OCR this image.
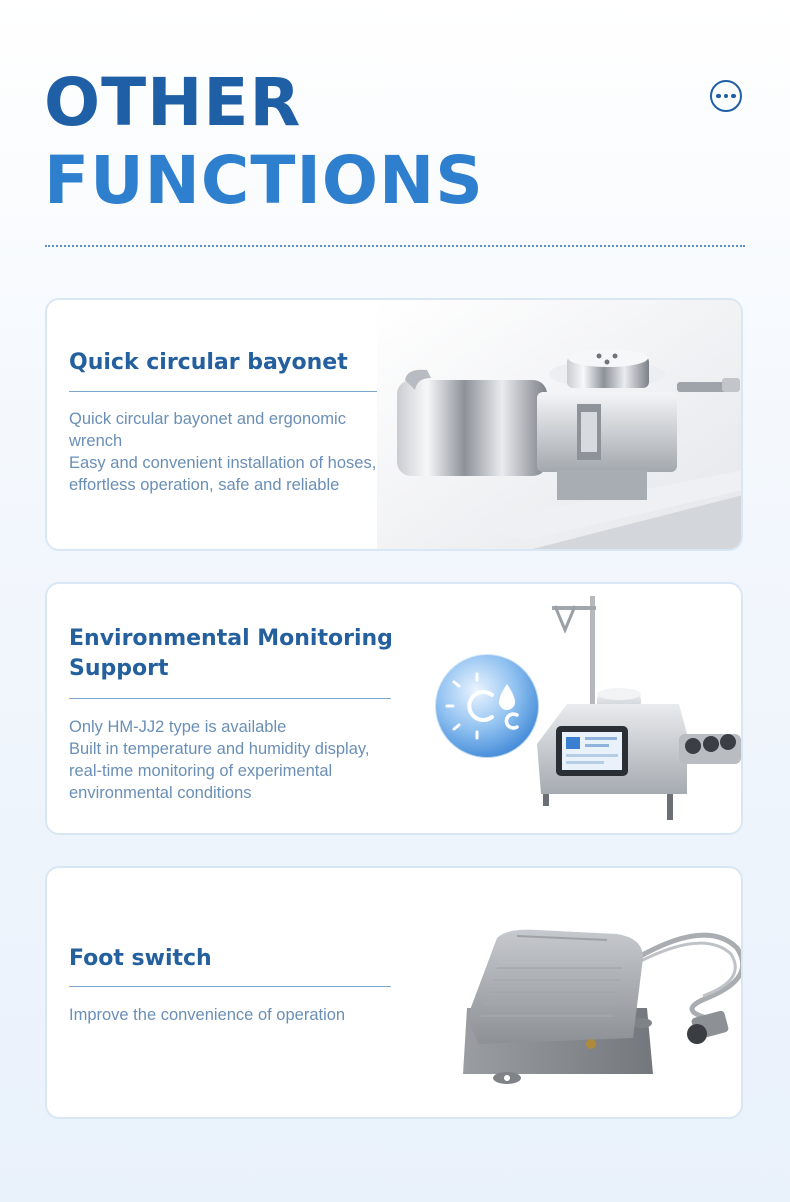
OTHER
FUNCTIONS
Quick circular bayonet

Quick circular bayonet and ergonomic wrench

Easy and convenient installation of hoses, effortless operation, safe and reliable

Environmental Monitoring Support

Only HM-JJ2 type is available

Built in temperature and humidity display, real-time monitoring of experimental environmental conditions

Foot switch

Improve the convenience of operation
